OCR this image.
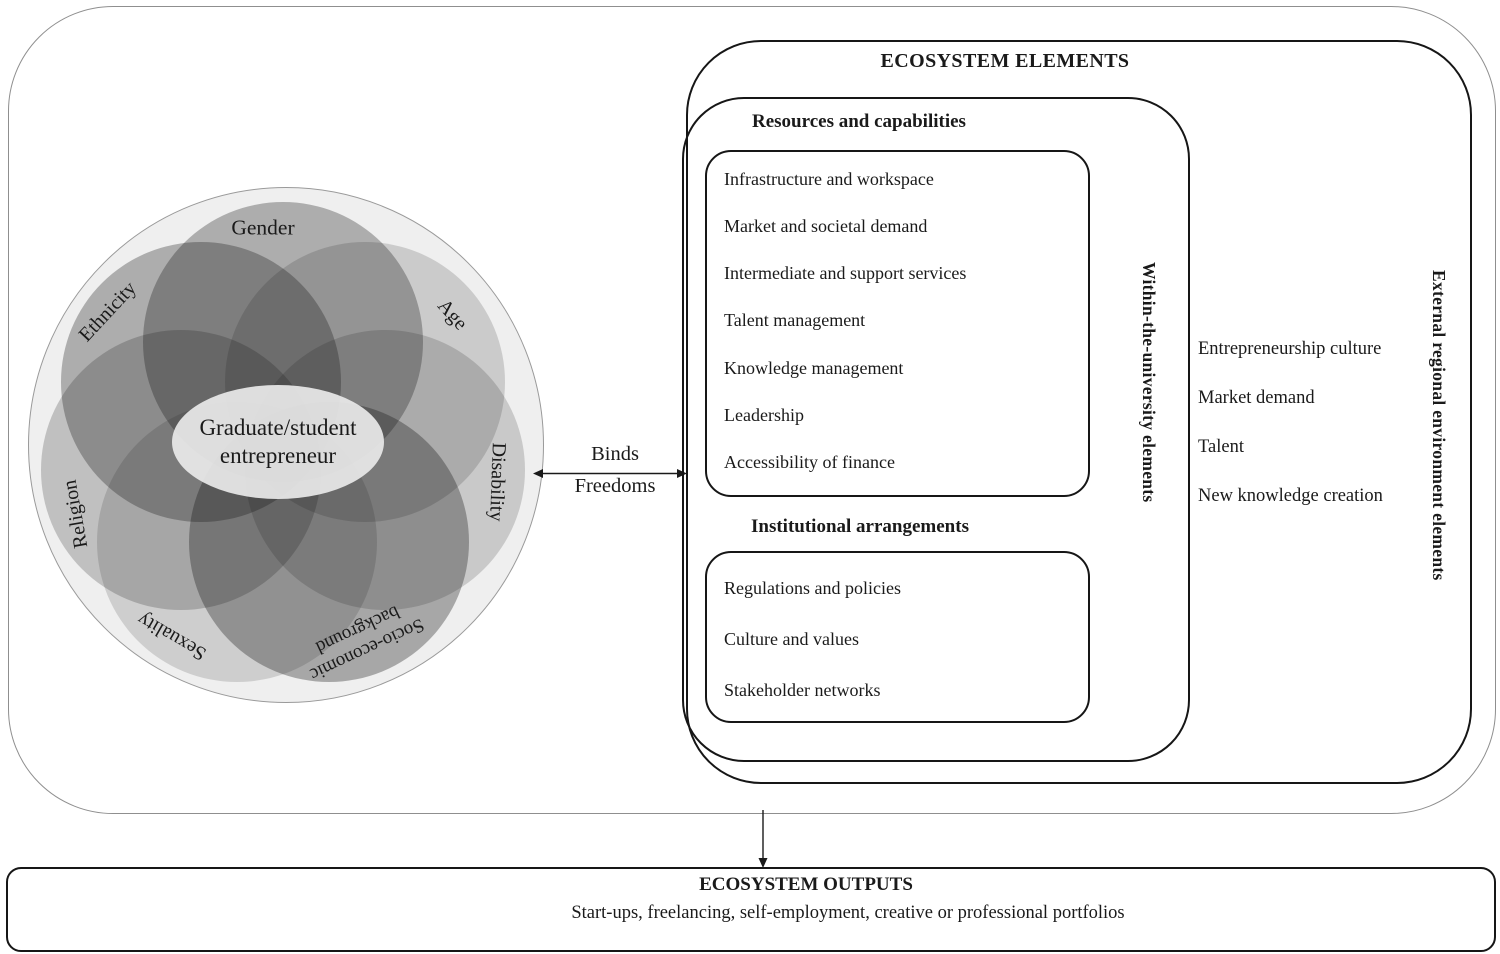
Graduate/student
entrepreneur
Gender
Age
Disability
Socio-economic background
Sexuality
Religion
Ethnicity
Binds
Freedoms
ECOSYSTEM ELEMENTS
Resources and capabilities
Infrastructure and workspace
Market and societal demand
Intermediate and support services
Talent management
Knowledge management
Leadership
Accessibility of finance
Institutional arrangements
Regulations and policies
Culture and values
Stakeholder networks
Within-the-university elements Entrepreneurship culture
Market demand
Talent
New knowledge creation	External regional environment elements
ECOSYSTEM OUTPUTS
Start-ups, freelancing, self-employment, creative or professional portfolios
